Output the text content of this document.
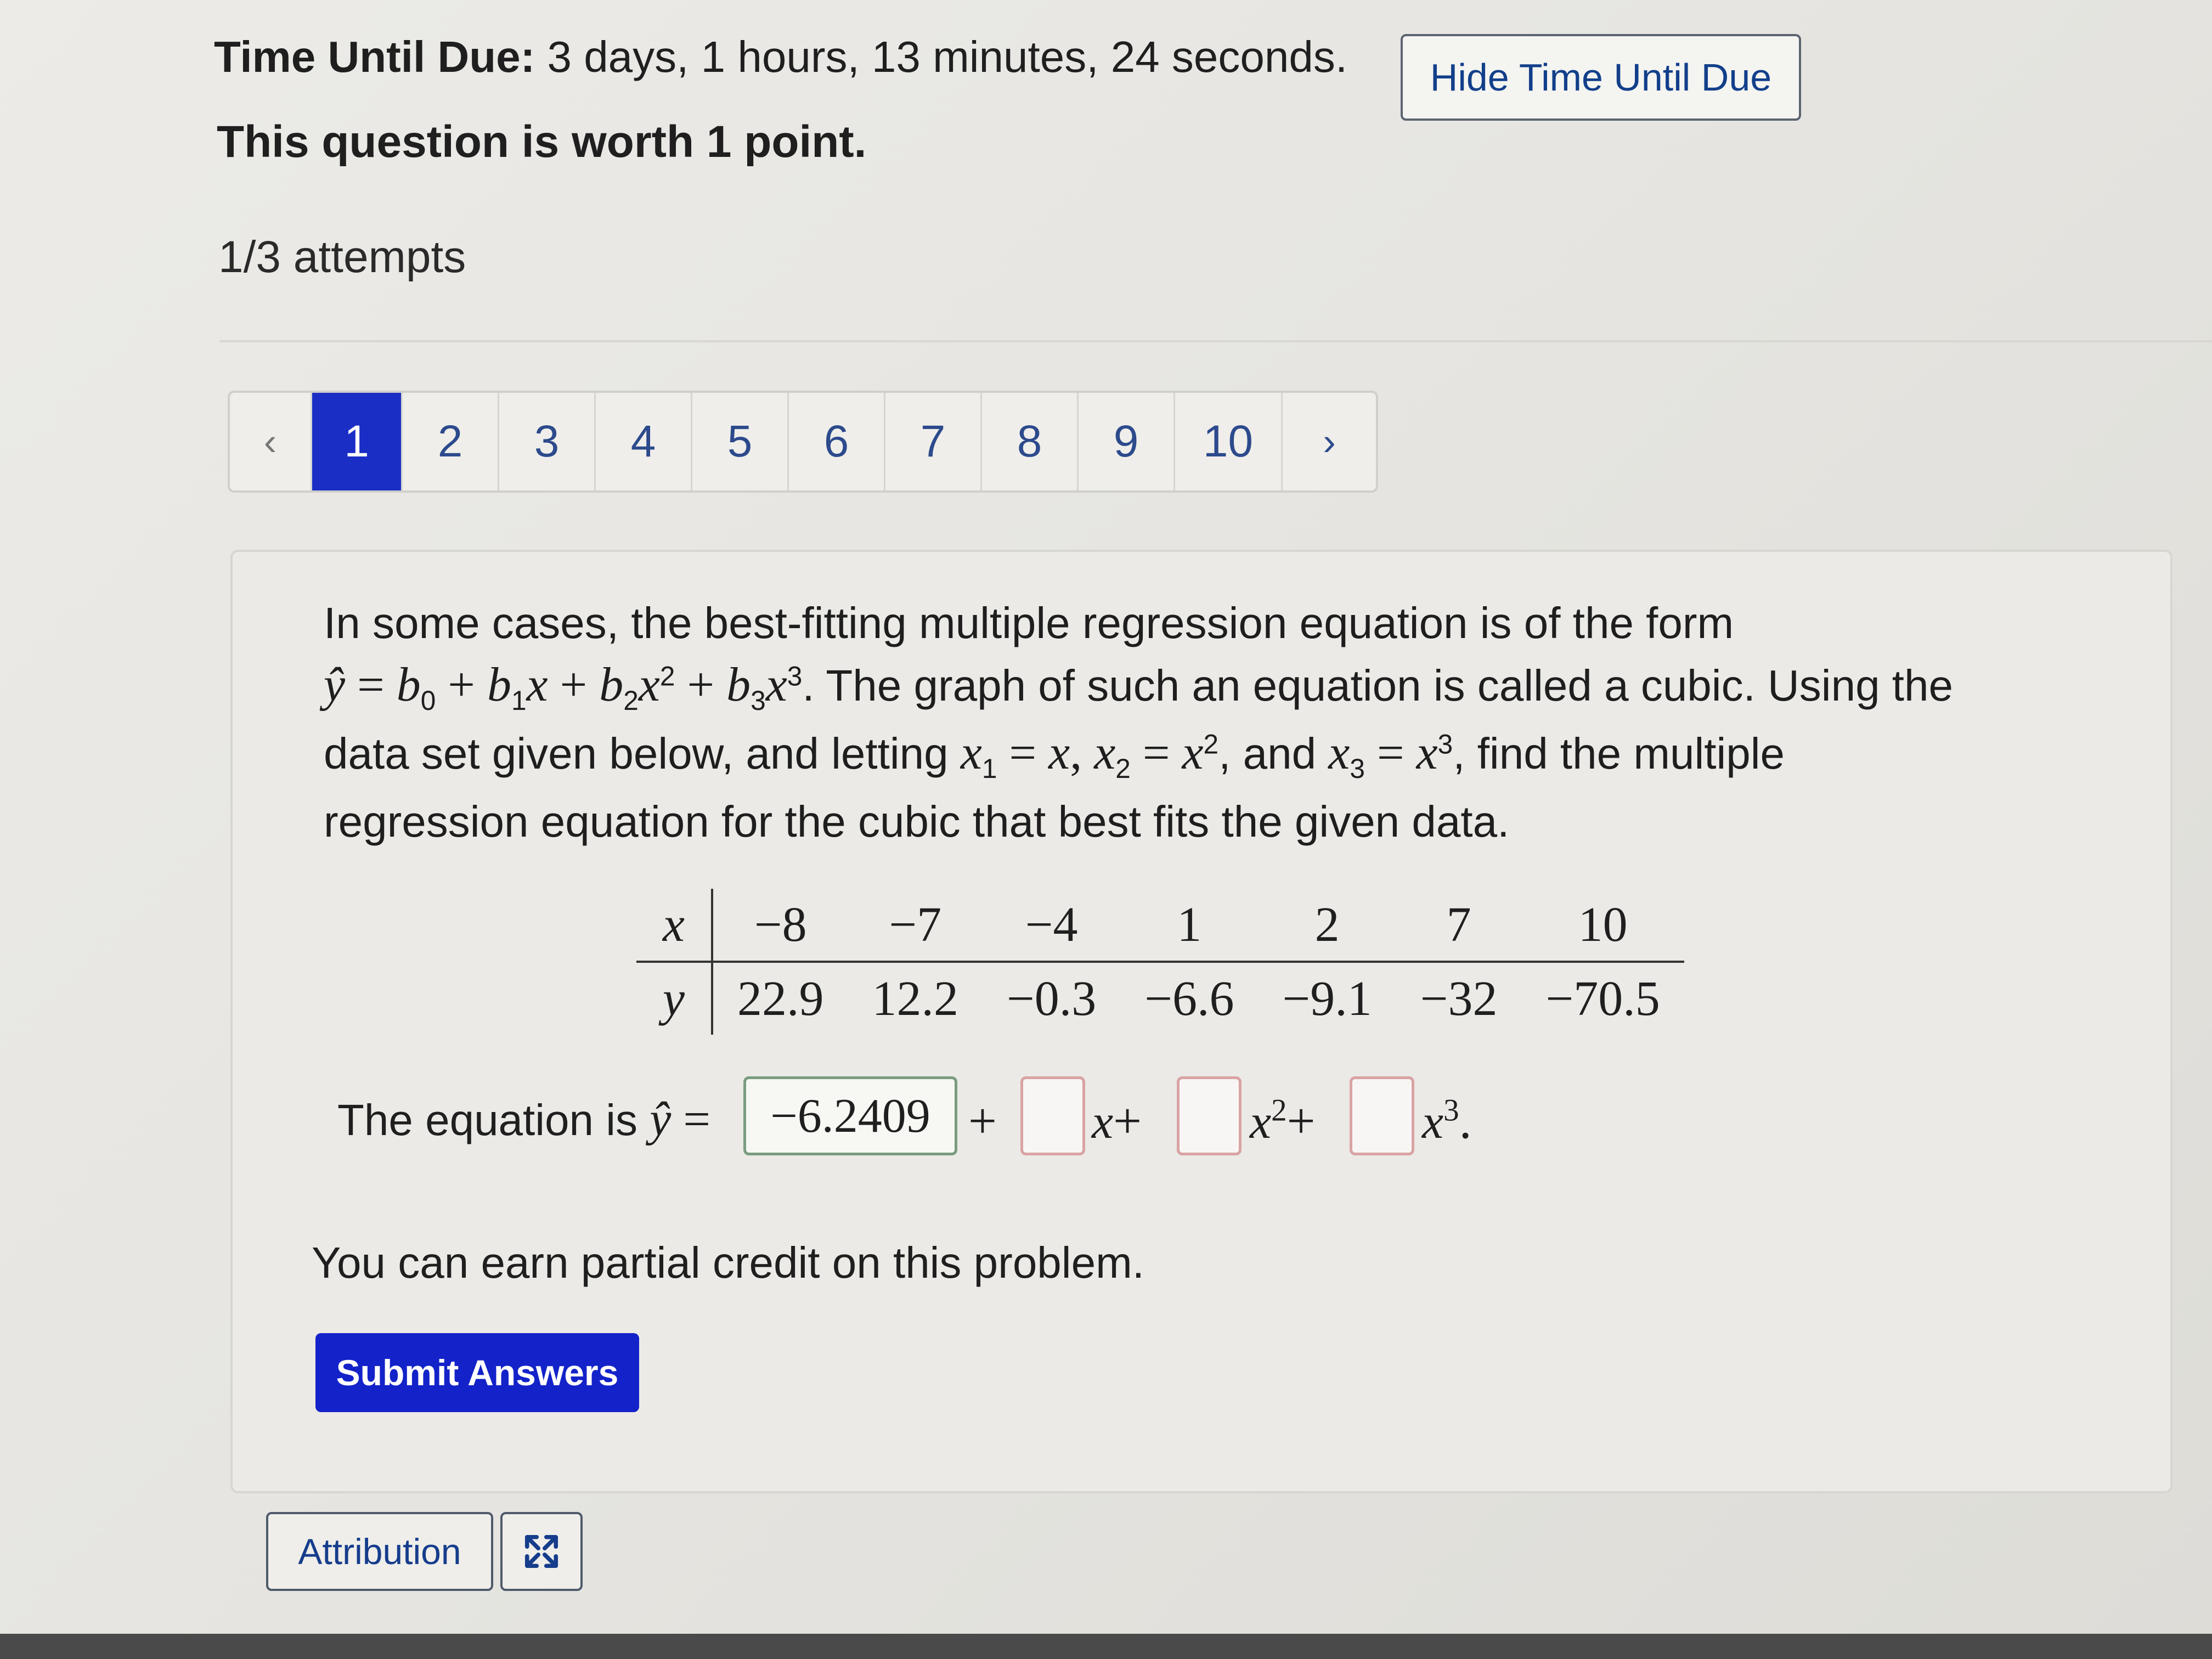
Time Until Due: 3 days, 1 hours, 13 minutes, 24 seconds.	Hide Time Until Due
This question is worth 1 point.
1/3 attempts
‹	1	2	3	4	5	6	7	8	9	10	›
In some cases, the best-fitting multiple regression equation is of the form
ŷ = $b_0 + b_1x + b_2x^2 + b_3x^3$. The graph of such an equation is called a cubic. Using the
data set given below, and letting $x_1 = x$, $x_2 = x^2$, and $x_3 = x^3$, find the multiple
regression equation for the cubic that best fits the given data.
x	−8	−7	−4	1	2	7	10
y	22.9	12.2	−0.3	−6.6	−9.1	−32	−70.5
The equation is ŷ =	$-6.2409 + x+ x^2+ x^3$.
You can earn partial credit on this problem.
Submit Answers
Attribution
